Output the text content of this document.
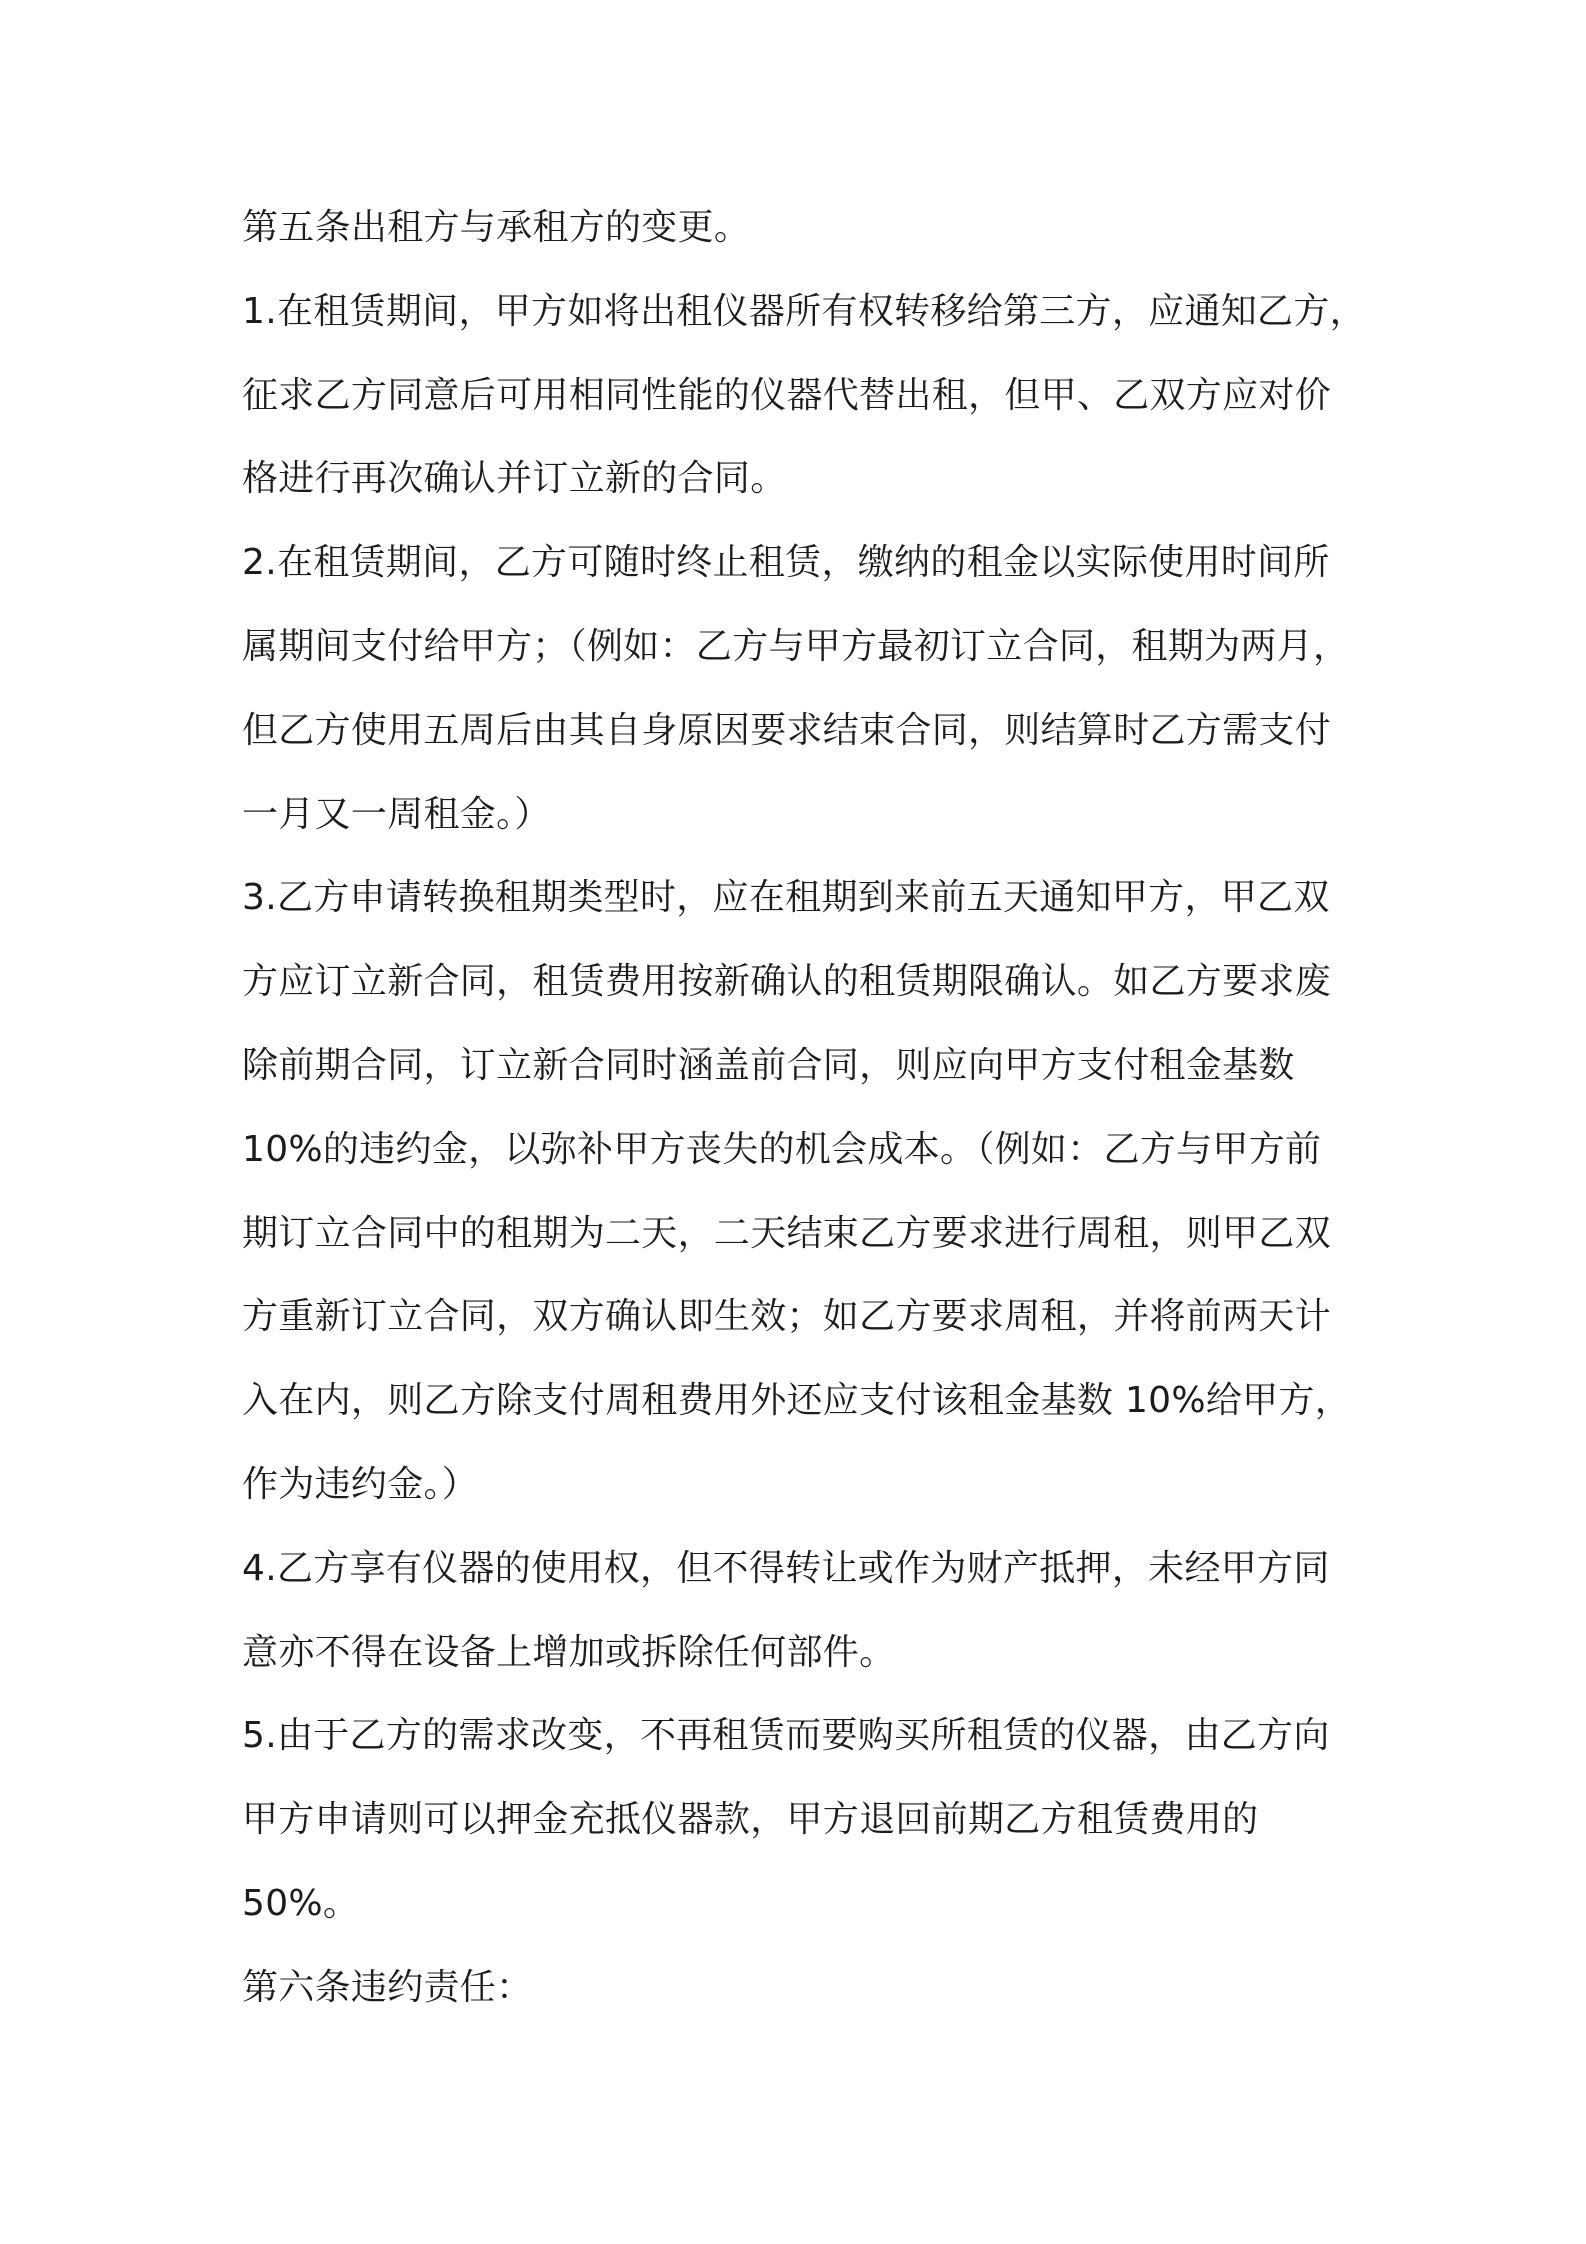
第五条出租方与承租方的变更。
1.在租赁期间，甲方如将出租仪器所有权转移给第三方，应通知乙方，
征求乙方同意后可用相同性能的仪器代替出租，但甲、乙双方应对价
格进行再次确认并订立新的合同。
2.在租赁期间，乙方可随时终止租赁，缴纳的租金以实际使用时间所
属期间支付给甲方；（例如：乙方与甲方最初订立合同，租期为两月，
但乙方使用五周后由其自身原因要求结束合同，则结算时乙方需支付
一月又一周租金。）
3.乙方申请转换租期类型时，应在租期到来前五天通知甲方，甲乙双
方应订立新合同，租赁费用按新确认的租赁期限确认。如乙方要求废
除前期合同，订立新合同时涵盖前合同，则应向甲方支付租金基数
10%的违约金，以弥补甲方丧失的机会成本。（例如：乙方与甲方前
期订立合同中的租期为二天，二天结束乙方要求进行周租，则甲乙双
方重新订立合同，双方确认即生效；如乙方要求周租，并将前两天计
入在内，则乙方除支付周租费用外还应支付该租金基数 10%给甲方，
作为违约金。）
4.乙方享有仪器的使用权，但不得转让或作为财产抵押，未经甲方同
意亦不得在设备上增加或拆除任何部件。
5.由于乙方的需求改变，不再租赁而要购买所租赁的仪器，由乙方向
甲方申请则可以押金充抵仪器款，甲方退回前期乙方租赁费用的
50%。
第六条违约责任：
